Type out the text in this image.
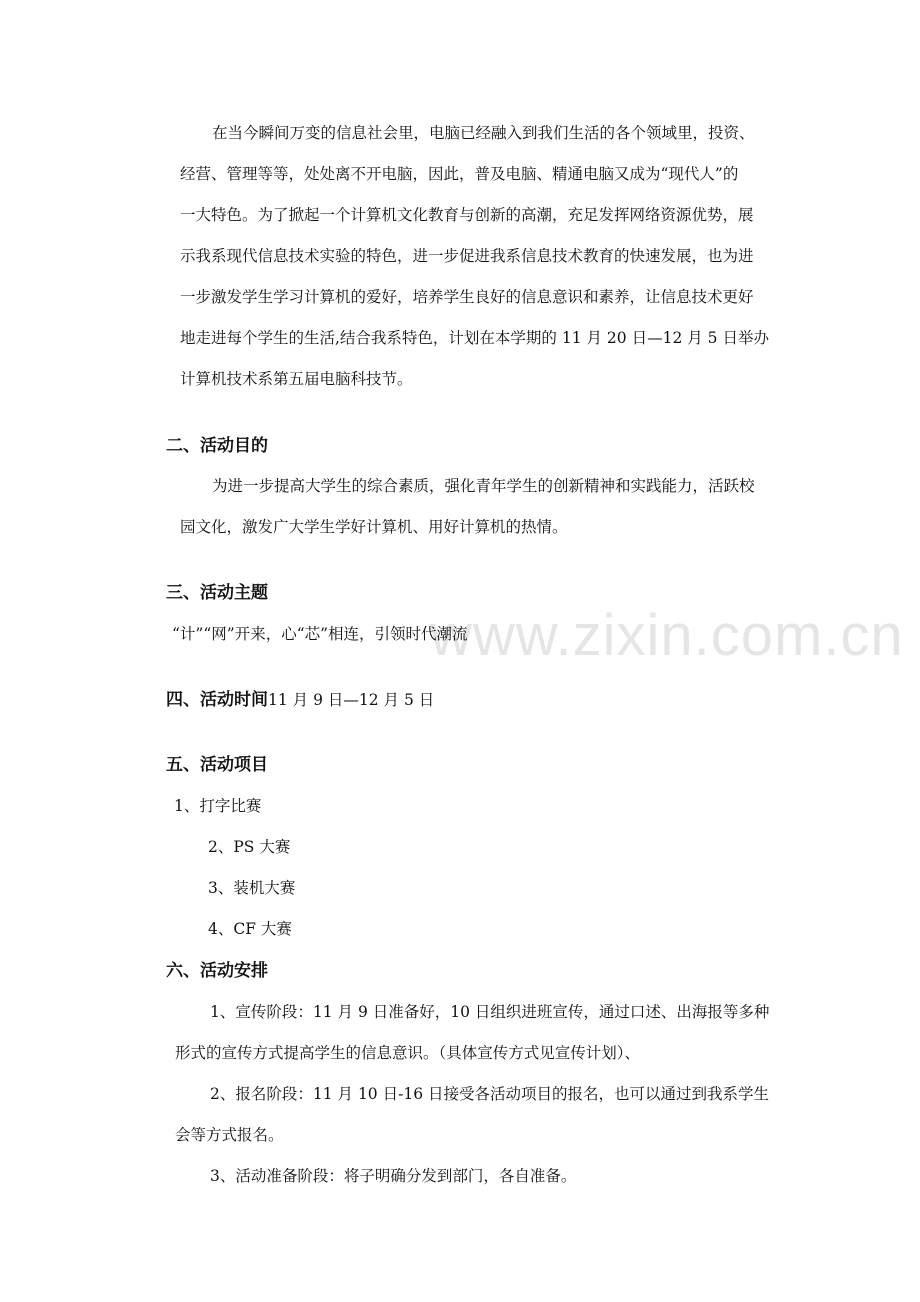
www.zixin.com.cn
在当今瞬间万变的信息社会里，电脑已经融入到我们生活的各个领域里，投资、
经营、管理等等，处处离不开电脑，因此，普及电脑、精通电脑又成为“现代人”的
一大特色。为了掀起一个计算机文化教育与创新的高潮，充足发挥网络资源优势，展
示我系现代信息技术实验的特色，进一步促进我系信息技术教育的快速发展，也为进
一步激发学生学习计算机的爱好，培养学生良好的信息意识和素养，让信息技术更好
地走进每个学生的生活,结合我系特色，计划在本学期的 11 月 20 日—12 月 5 日举办
计算机技术系第五届电脑科技节。
二、活动目的
为进一步提高大学生的综合素质，强化青年学生的创新精神和实践能力，活跃校
园文化，激发广大学生学好计算机、用好计算机的热情。
三、活动主题
“计”“网”开来，心“芯”相连，引领时代潮流
四、活动时间11 月 9 日—12 月 5 日
五、活动项目
1、打字比赛
2、PS 大赛
3、装机大赛
4、CF 大赛
六、活动安排
1、宣传阶段：11 月 9 日准备好，10 日组织进班宣传，通过口述、出海报等多种
形式的宣传方式提高学生的信息意识。（具体宣传方式见宣传计划）、
2、报名阶段：11 月 10 日-16 日接受各活动项目的报名，也可以通过到我系学生
会等方式报名。
3、活动准备阶段：将子明确分发到部门，各自准备。
